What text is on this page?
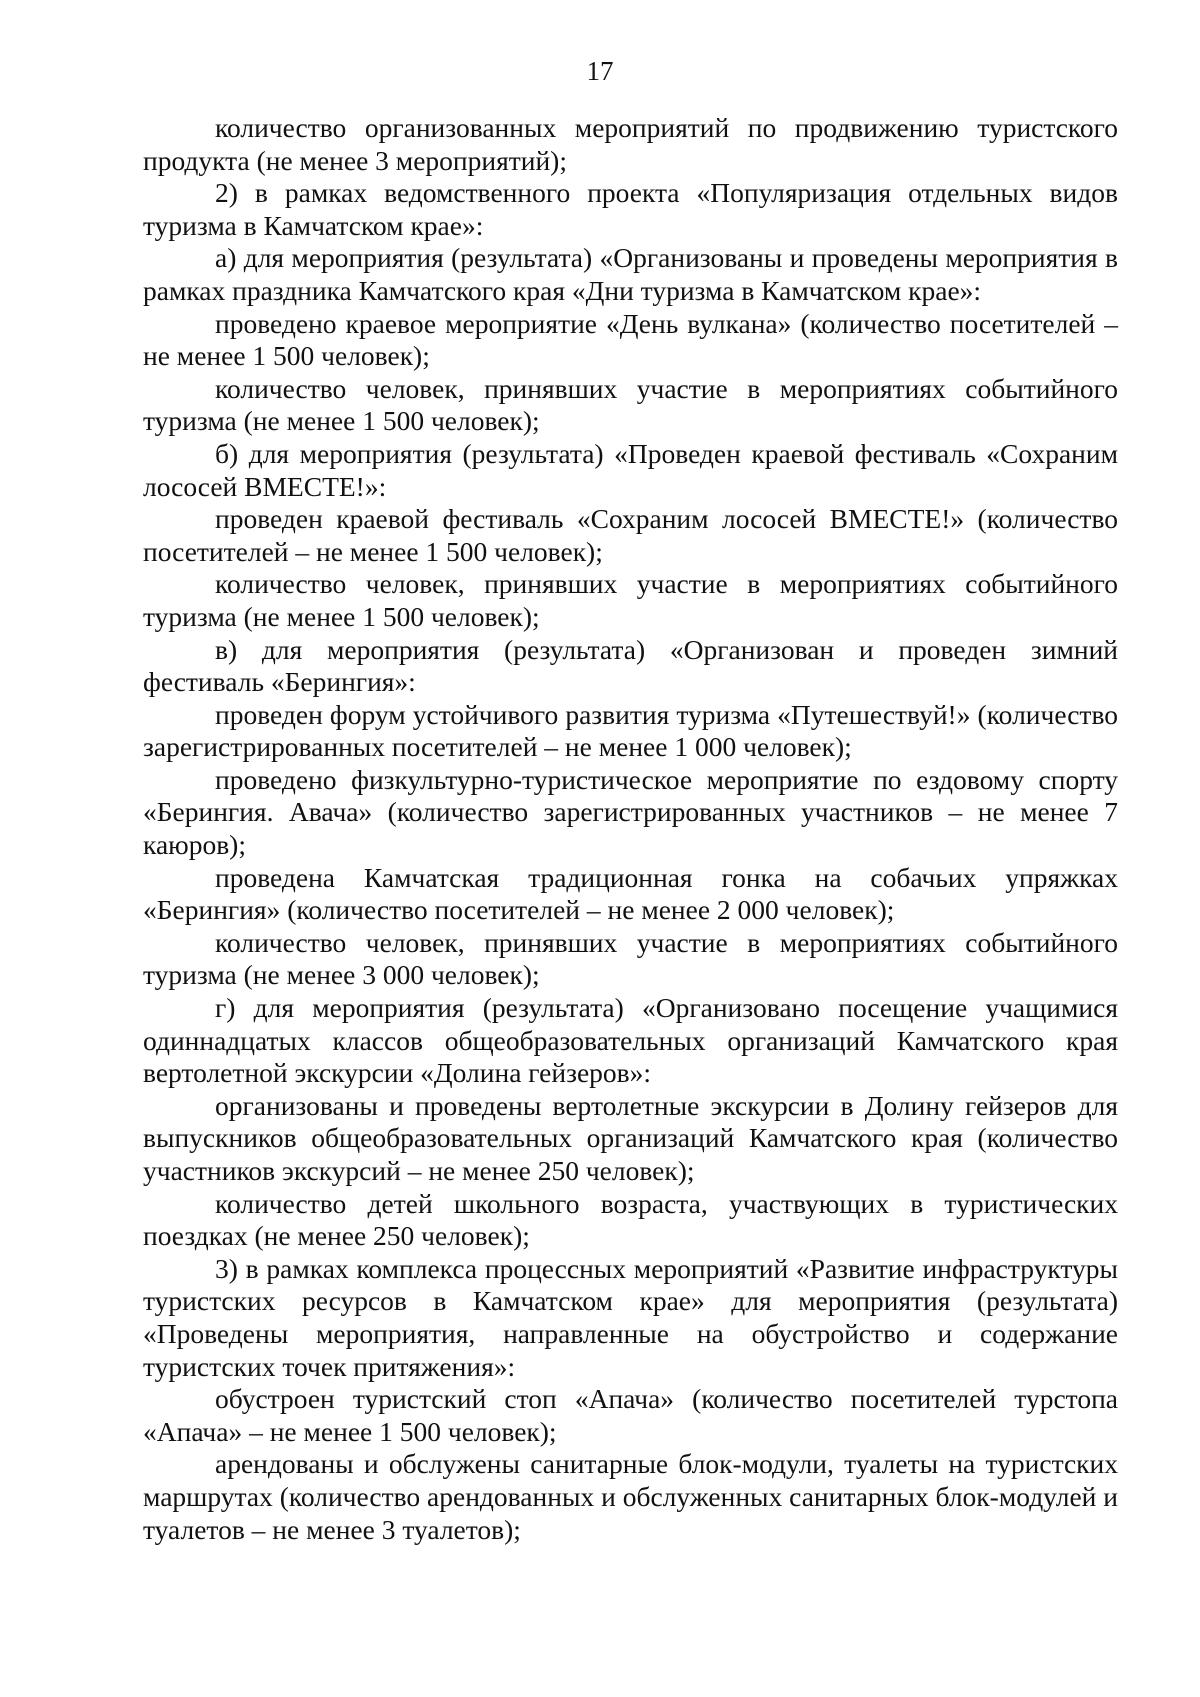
17

количество организованных мероприятий по продвижению туристского продукта (не менее 3 мероприятий);

2) в рамках ведомственного проекта «Популяризация отдельных видов туризма в Камчатском крае»:

а) для мероприятия (результата) «Организованы и проведены мероприятия в рамках праздника Камчатского края «Дни туризма в Камчатском крае»:

проведено краевое мероприятие «День вулкана» (количество посетителей – не менее 1 500 человек);

количество человек, принявших участие в мероприятиях событийного туризма (не менее 1 500 человек);

б) для мероприятия (результата) «Проведен краевой фестиваль «Сохраним лососей ВМЕСТЕ!»:

проведен краевой фестиваль «Сохраним лососей ВМЕСТЕ!» (количество посетителей – не менее 1 500 человек);

количество человек, принявших участие в мероприятиях событийного туризма (не менее 1 500 человек);

в) для мероприятия (результата) «Организован и проведен зимний фестиваль «Берингия»:

проведен форум устойчивого развития туризма «Путешествуй!» (количество зарегистрированных посетителей – не менее 1 000 человек);

проведено физкультурно-туристическое мероприятие по ездовому спорту «Берингия. Авача» (количество зарегистрированных участников – не менее 7 каюров);

проведена Камчатская традиционная гонка на собачьих упряжках «Берингия» (количество посетителей – не менее 2 000 человек);

количество человек, принявших участие в мероприятиях событийного туризма (не менее 3 000 человек);

г) для мероприятия (результата) «Организовано посещение учащимися одиннадцатых классов общеобразовательных организаций Камчатского края вертолетной экскурсии «Долина гейзеров»:

организованы и проведены вертолетные экскурсии в Долину гейзеров для выпускников общеобразовательных организаций Камчатского края (количество участников экскурсий – не менее 250 человек);

количество детей школьного возраста, участвующих в туристических поездках (не менее 250 человек);

3) в рамках комплекса процессных мероприятий «Развитие инфраструктуры туристских ресурсов в Камчатском крае» для мероприятия (результата) «Проведены мероприятия, направленные на обустройство и содержание туристских точек притяжения»:

обустроен туристский стоп «Апача» (количество посетителей турстопа «Апача» – не менее 1 500 человек);

арендованы и обслужены санитарные блок-модули, туалеты на туристских маршрутах (количество арендованных и обслуженных санитарных блок-модулей и туалетов – не менее 3 туалетов);
